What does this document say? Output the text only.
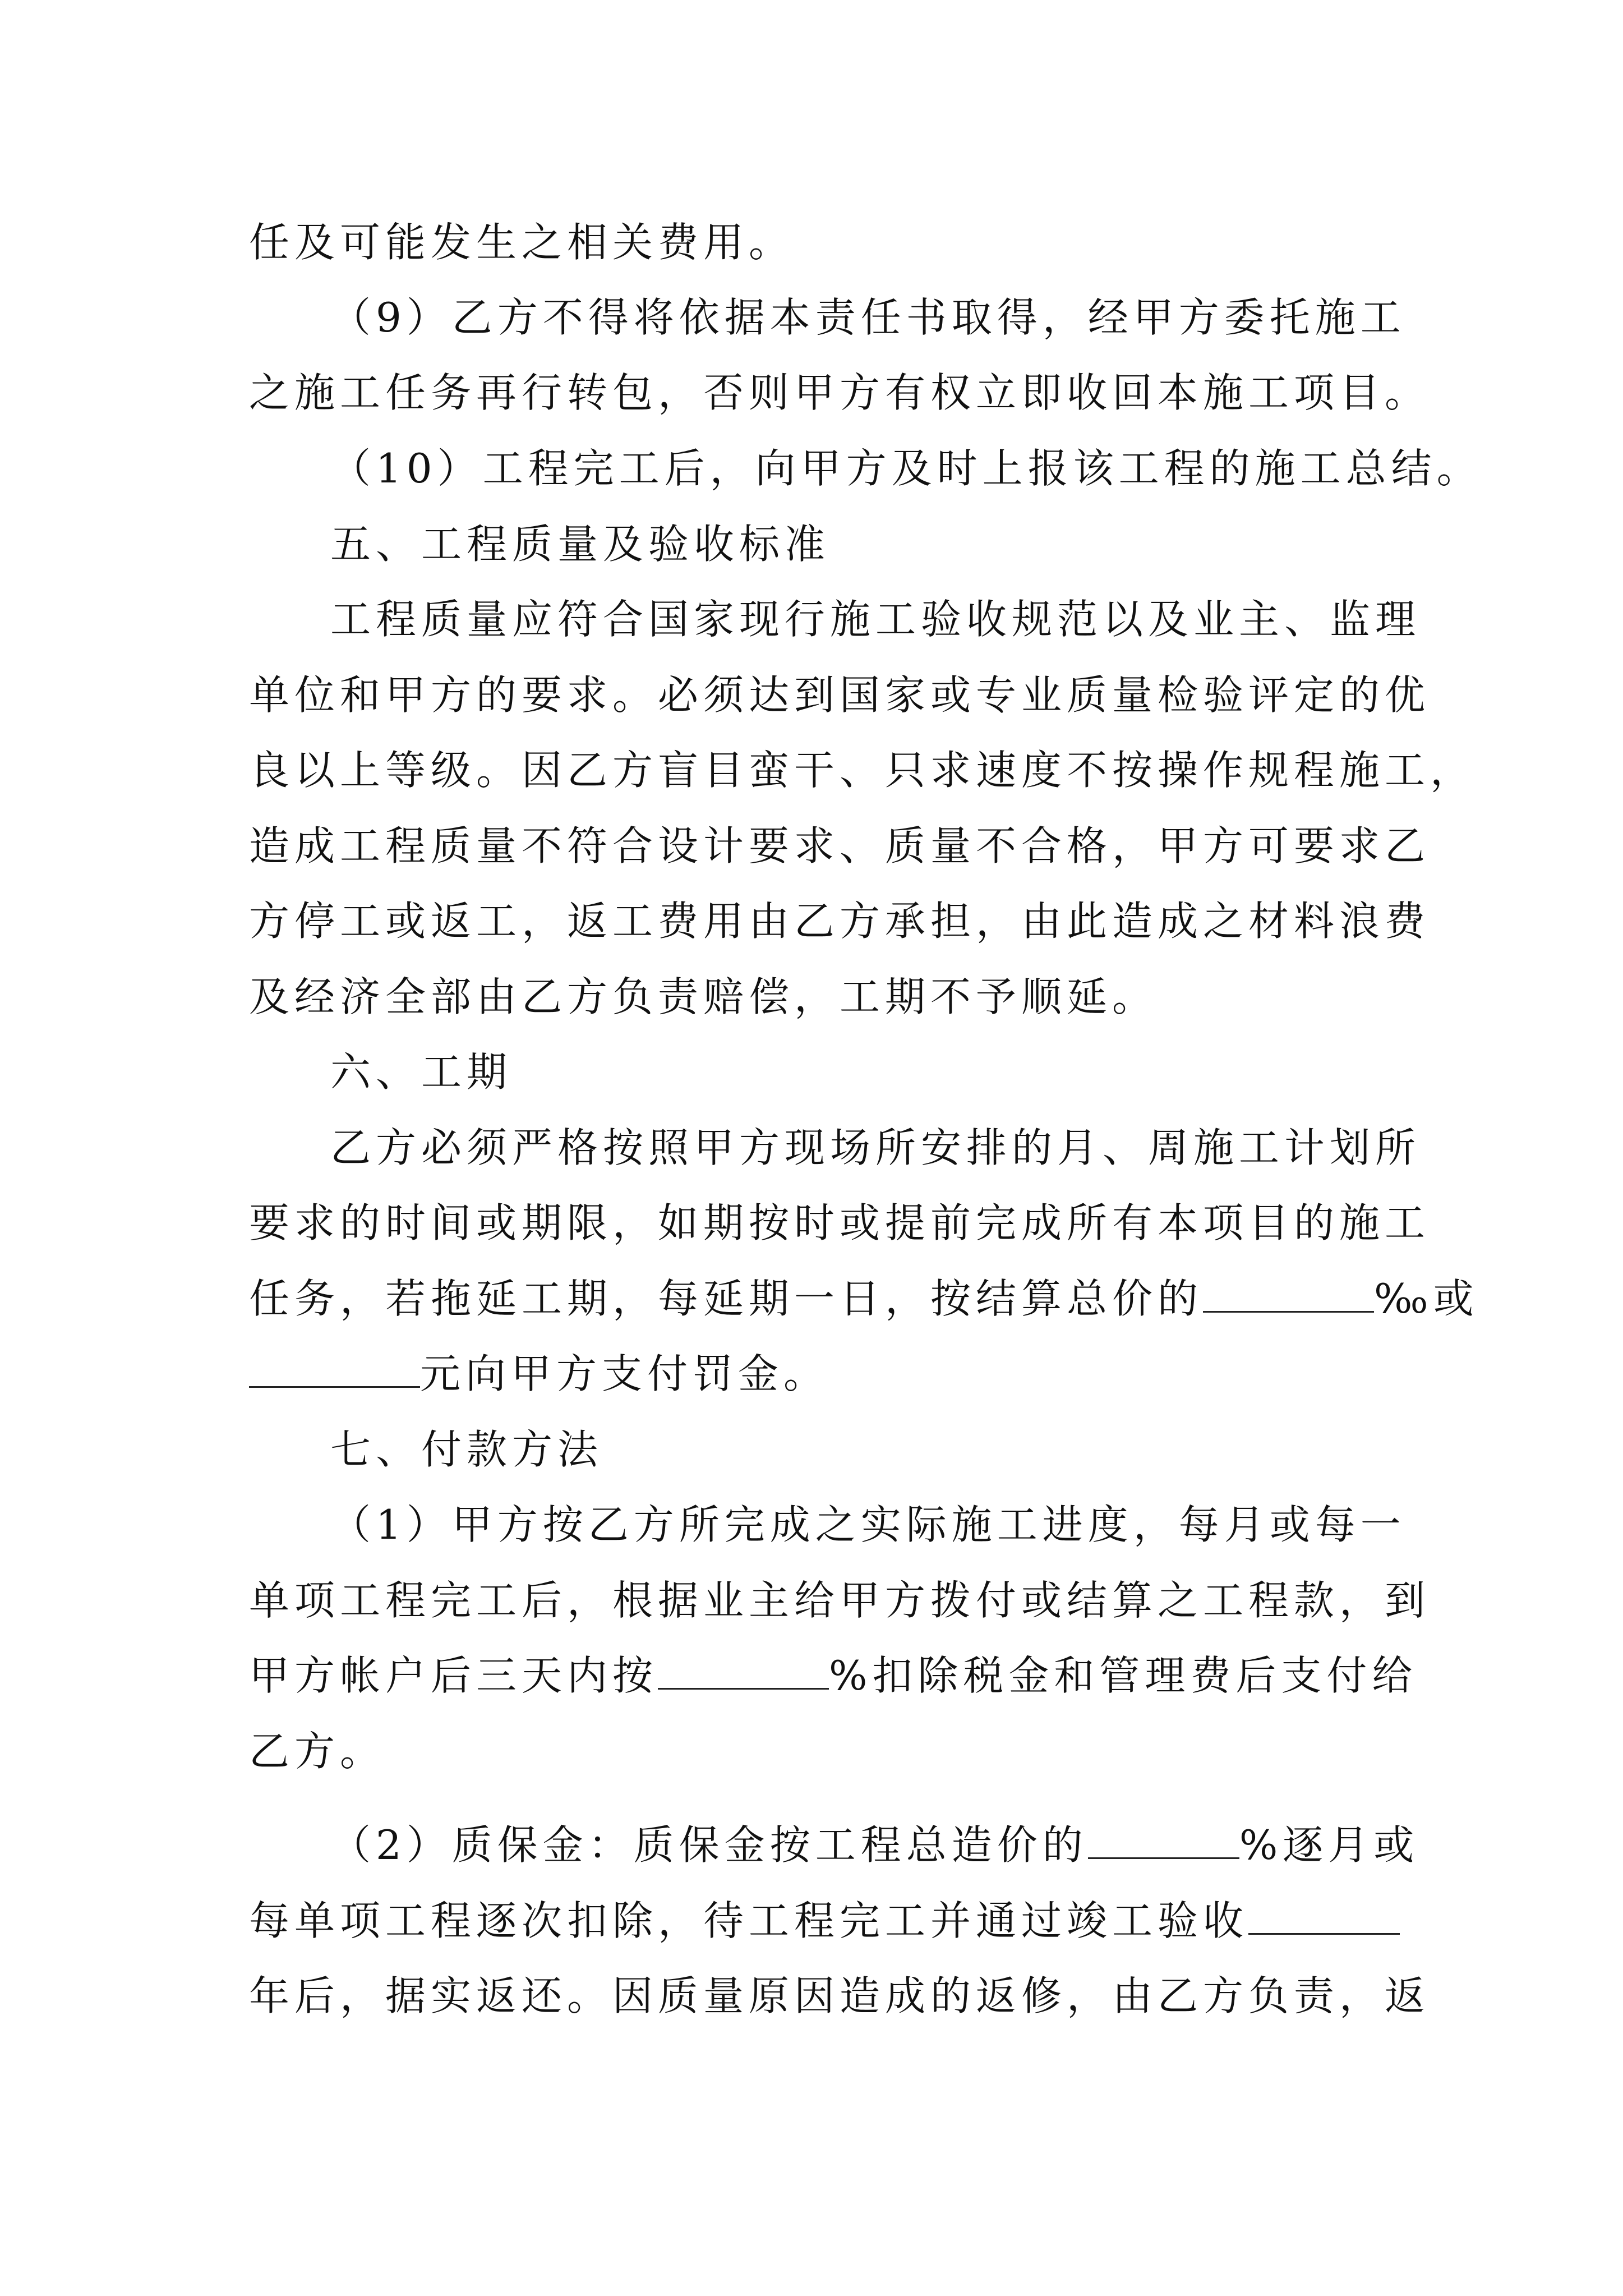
任及可能发生之相关费用。
（9）乙方不得将依据本责任书取得，经甲方委托施工
之施工任务再行转包，否则甲方有权立即收回本施工项目。
（10）工程完工后，向甲方及时上报该工程的施工总结。
五、工程质量及验收标准
工程质量应符合国家现行施工验收规范以及业主、监理
单位和甲方的要求。必须达到国家或专业质量检验评定的优
良以上等级。因乙方盲目蛮干、只求速度不按操作规程施工，
造成工程质量不符合设计要求、质量不合格，甲方可要求乙
方停工或返工，返工费用由乙方承担，由此造成之材料浪费
及经济全部由乙方负责赔偿，工期不予顺延。
六、工期
乙方必须严格按照甲方现场所安排的月、周施工计划所
要求的时间或期限，如期按时或提前完成所有本项目的施工
任务，若拖延工期，每延期一日，按结算总价的	‰或
元向甲方支付罚金。
七、付款方法
（1）甲方按乙方所完成之实际施工进度，每月或每一
单项工程完工后，根据业主给甲方拨付或结算之工程款，到
甲方帐户后三天内按	%扣除税金和管理费后支付给
乙方。
（2）质保金：质保金按工程总造价的	%逐月或
每单项工程逐次扣除，待工程完工并通过竣工验收
年后，据实返还。因质量原因造成的返修，由乙方负责，返
